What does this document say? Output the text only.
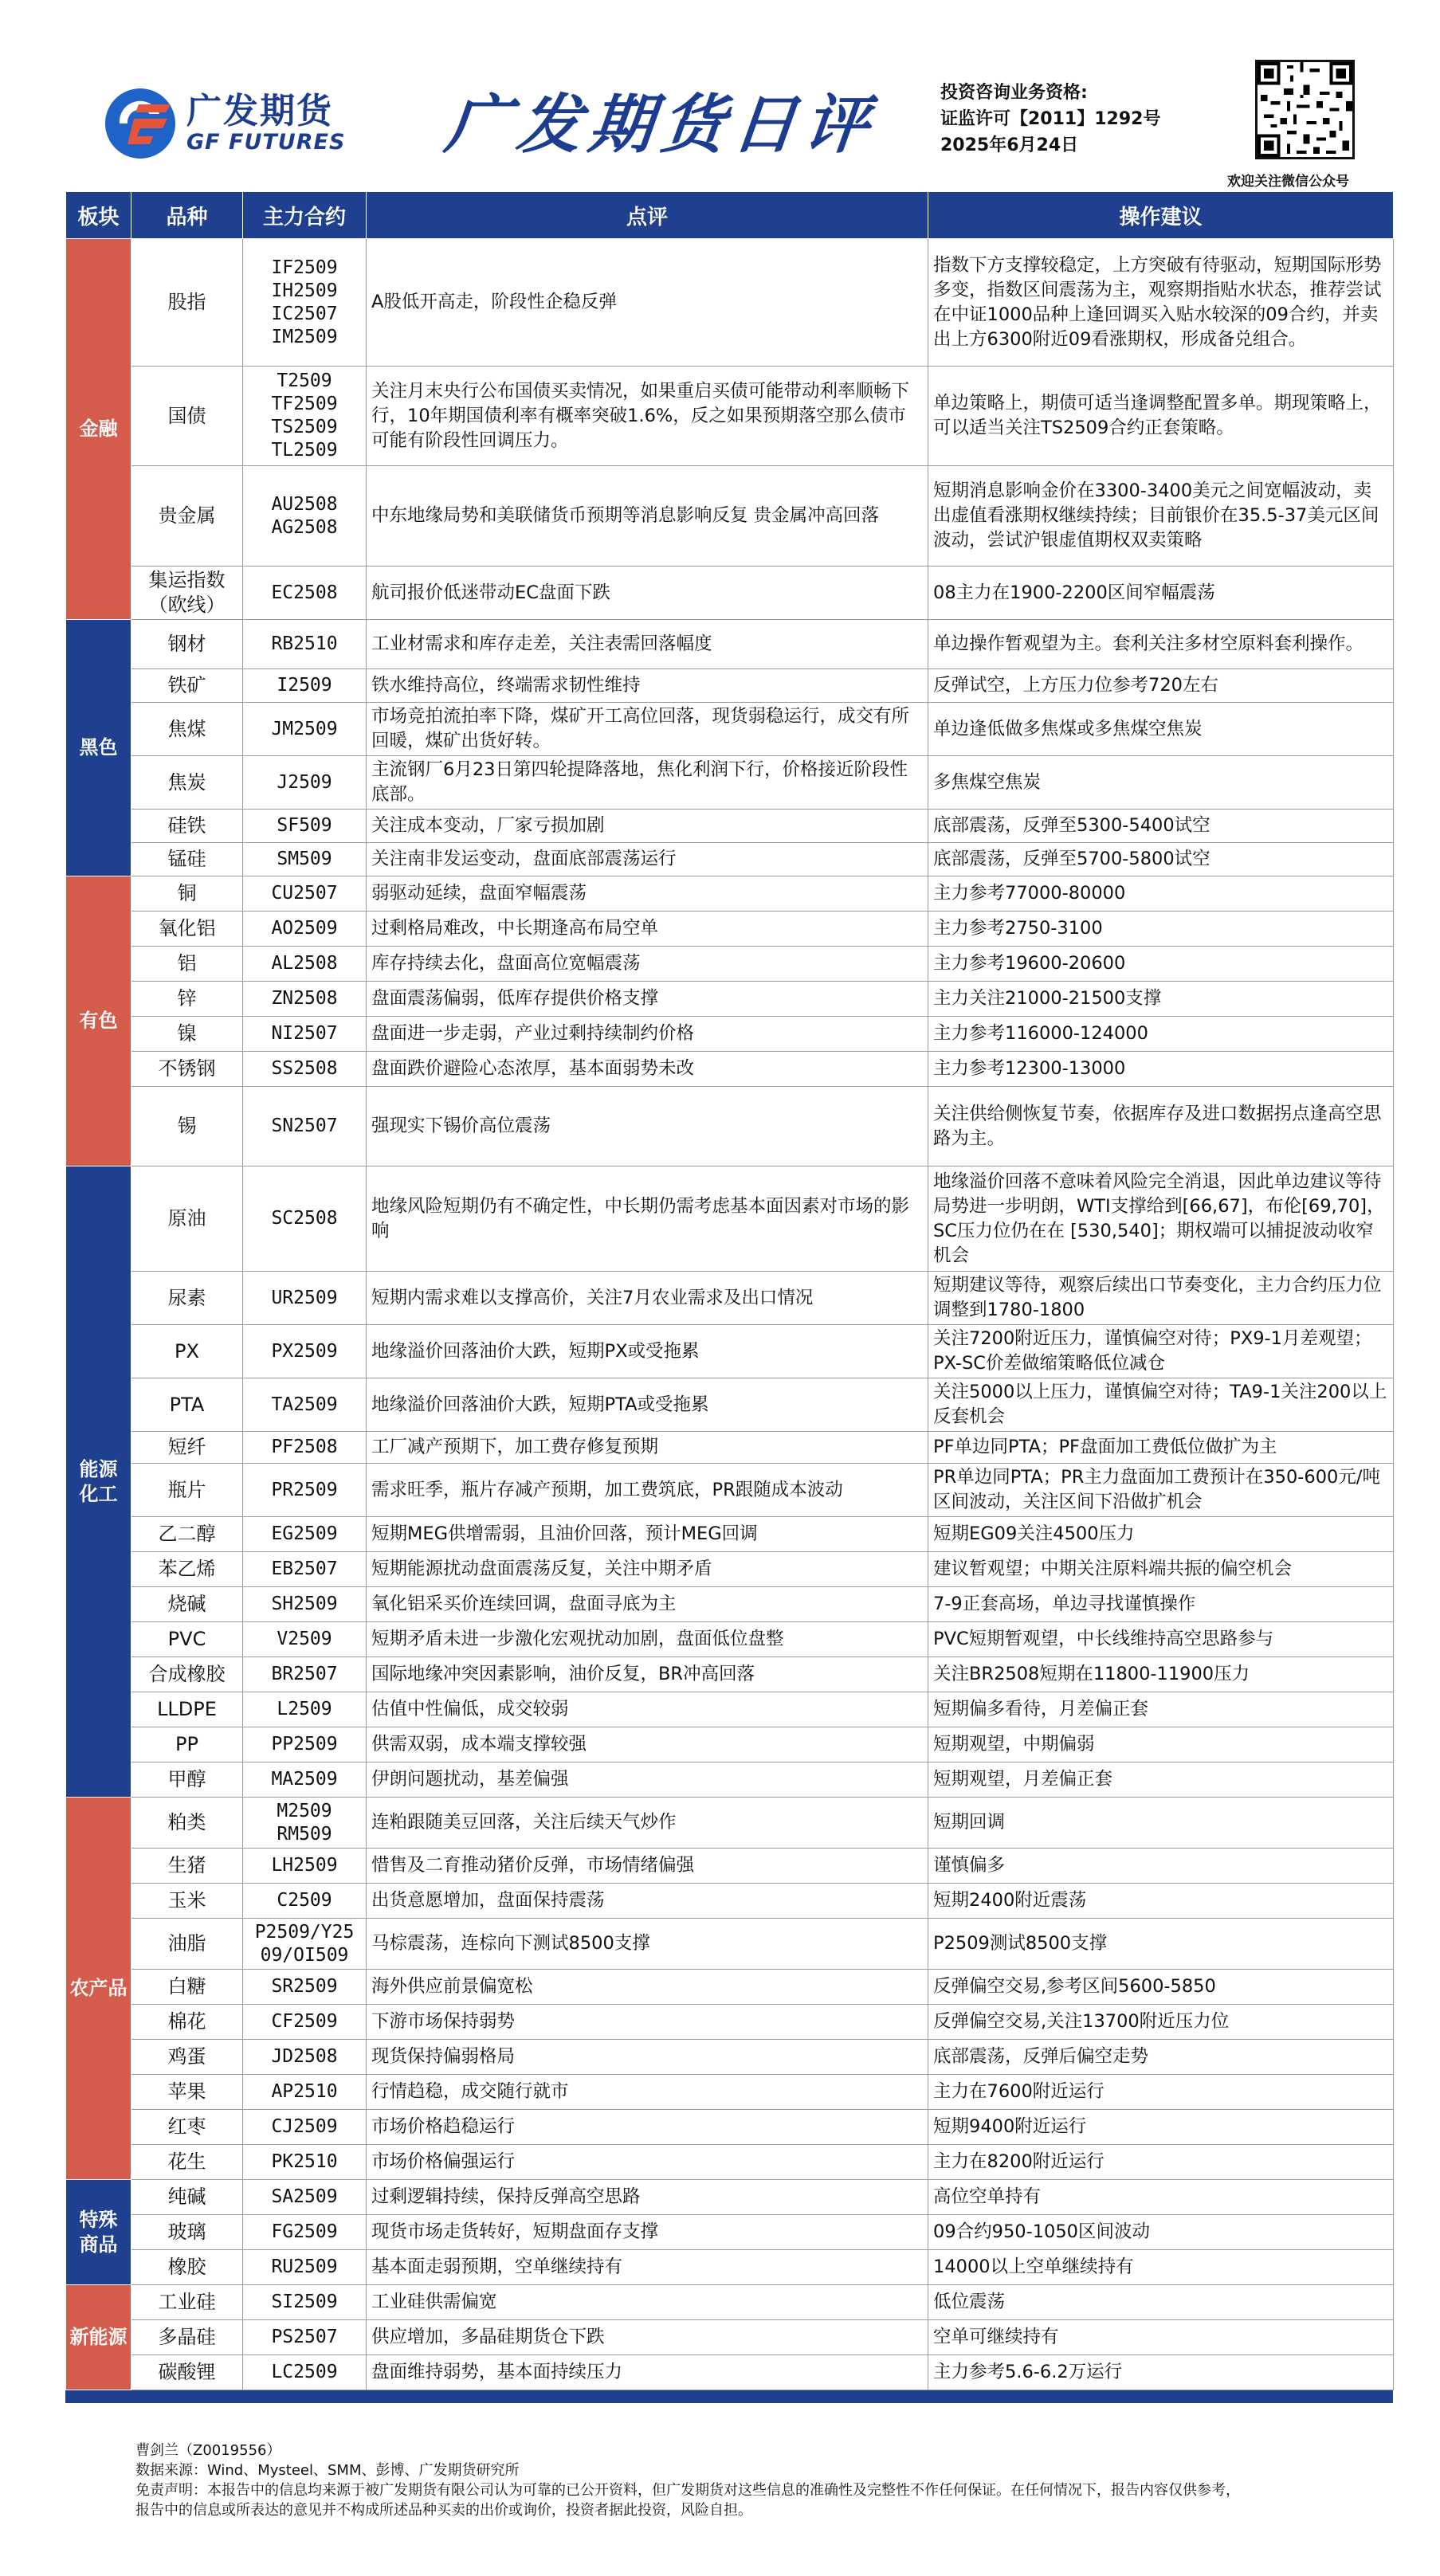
广发期货
GF FUTURES 广发期货日评	投资咨询业务资格:
证监许可【2011】1292号
2025年6月24日
欢迎关注微信公众号
板块	品种	主力合约	点评	操作建议
金融	股指	IF2509
IH2509
IC2507
IM2509	A股低开高走，阶段性企稳反弹	指数下方支撑较稳定，上方突破有待驱动，短期国际形势多变，指数区间震荡为主，观察期指贴水状态，推荐尝试在中证1000品种上逢回调买入贴水较深的09合约，并卖出上方6300附近09看涨期权，形成备兑组合。
	国债	T2509
TF2509
TS2509
TL2509	关注月末央行公布国债买卖情况，如果重启买债可能带动利率顺畅下行，10年期国债利率有概率突破1.6%，反之如果预期落空那么债市可能有阶段性回调压力。	单边策略上，期债可适当逢调整配置多单。期现策略上，可以适当关注TS2509合约正套策略。
	贵金属	AU2508
AG2508	中东地缘局势和美联储货币预期等消息影响反复 贵金属冲高回落	短期消息影响金价在3300-3400美元之间宽幅波动，卖出虚值看涨期权继续持续；目前银价在35.5-37美元区间波动，尝试沪银虚值期权双卖策略
	集运指数
（欧线）	EC2508	航司报价低迷带动EC盘面下跌	08主力在1900-2200区间窄幅震荡
黑色	钢材	RB2510	工业材需求和库存走差，关注表需回落幅度	单边操作暂观望为主。套利关注多材空原料套利操作。
	铁矿	I2509	铁水维持高位，终端需求韧性维持	反弹试空，上方压力位参考720左右
	焦煤	JM2509	市场竞拍流拍率下降，煤矿开工高位回落，现货弱稳运行，成交有所回暖，煤矿出货好转。	单边逢低做多焦煤或多焦煤空焦炭
	焦炭	J2509	主流钢厂6月23日第四轮提降落地，焦化利润下行，价格接近阶段性底部。	多焦煤空焦炭
	硅铁	SF509	关注成本变动，厂家亏损加剧	底部震荡，反弹至5300-5400试空
	锰硅	SM509	关注南非发运变动，盘面底部震荡运行	底部震荡，反弹至5700-5800试空
有色	铜	CU2507	弱驱动延续，盘面窄幅震荡	主力参考77000-80000
	氧化铝	AO2509	过剩格局难改，中长期逢高布局空单	主力参考2750-3100
	铝	AL2508	库存持续去化，盘面高位宽幅震荡	主力参考19600-20600
	锌	ZN2508	盘面震荡偏弱，低库存提供价格支撑	主力关注21000-21500支撑
	镍	NI2507	盘面进一步走弱，产业过剩持续制约价格	主力参考116000-124000
	不锈钢	SS2508	盘面跌价避险心态浓厚，基本面弱势未改	主力参考12300-13000
	锡	SN2507	强现实下锡价高位震荡	关注供给侧恢复节奏，依据库存及进口数据拐点逢高空思路为主。
能源
化工	原油	SC2508	地缘风险短期仍有不确定性，中长期仍需考虑基本面因素对市场的影响	地缘溢价回落不意味着风险完全消退，因此单边建议等待局势进一步明朗，WTI支撑给到[66,67]，布伦[69,70]，SC压力位仍在在 [530,540]；期权端可以捕捉波动收窄机会
	尿素	UR2509	短期内需求难以支撑高价，关注7月农业需求及出口情况	短期建议等待，观察后续出口节奏变化，主力合约压力位调整到1780-1800
	PX	PX2509	地缘溢价回落油价大跌，短期PX或受拖累	关注7200附近压力，谨慎偏空对待；PX9-1月差观望；PX-SC价差做缩策略低位减仓
	PTA	TA2509	地缘溢价回落油价大跌，短期PTA或受拖累	关注5000以上压力，谨慎偏空对待；TA9-1关注200以上反套机会
	短纤	PF2508	工厂减产预期下，加工费存修复预期	PF单边同PTA；PF盘面加工费低位做扩为主
	瓶片	PR2509	需求旺季，瓶片存减产预期，加工费筑底，PR跟随成本波动	PR单边同PTA；PR主力盘面加工费预计在350-600元/吨区间波动，关注区间下沿做扩机会
	乙二醇	EG2509	短期MEG供增需弱，且油价回落，预计MEG回调	短期EG09关注4500压力
	苯乙烯	EB2507	短期能源扰动盘面震荡反复，关注中期矛盾	建议暂观望；中期关注原料端共振的偏空机会
	烧碱	SH2509	氧化铝采买价连续回调，盘面寻底为主	7-9正套高场，单边寻找谨慎操作
	PVC	V2509	短期矛盾未进一步激化宏观扰动加剧，盘面低位盘整	PVC短期暂观望，中长线维持高空思路参与
	合成橡胶	BR2507	国际地缘冲突因素影响，油价反复，BR冲高回落	关注BR2508短期在11800-11900压力
	LLDPE	L2509	估值中性偏低，成交较弱	短期偏多看待，月差偏正套
	PP	PP2509	供需双弱，成本端支撑较强	短期观望，中期偏弱
	甲醇	MA2509	伊朗问题扰动，基差偏强	短期观望，月差偏正套
农产品	粕类	M2509
RM509	连粕跟随美豆回落，关注后续天气炒作	短期回调
	生猪	LH2509	惜售及二育推动猪价反弹，市场情绪偏强	谨慎偏多
	玉米	C2509	出货意愿增加，盘面保持震荡	短期2400附近震荡
	油脂	P2509/Y25
09/OI509	马棕震荡，连棕向下测试8500支撑	P2509测试8500支撑
	白糖	SR2509	海外供应前景偏宽松	反弹偏空交易,参考区间5600-5850
	棉花	CF2509	下游市场保持弱势	反弹偏空交易,关注13700附近压力位
	鸡蛋	JD2508	现货保持偏弱格局	底部震荡，反弹后偏空走势
	苹果	AP2510	行情趋稳，成交随行就市	主力在7600附近运行
	红枣	CJ2509	市场价格趋稳运行	短期9400附近运行
	花生	PK2510	市场价格偏强运行	主力在8200附近运行
特殊
商品	纯碱	SA2509	过剩逻辑持续，保持反弹高空思路	高位空单持有
	玻璃	FG2509	现货市场走货转好，短期盘面存支撑	09合约950-1050区间波动
	橡胶	RU2509	基本面走弱预期，空单继续持有	14000以上空单继续持有
新能源	工业硅	SI2509	工业硅供需偏宽	低位震荡
	多晶硅	PS2507	供应增加，多晶硅期货仓下跌	空单可继续持有
	碳酸锂	LC2509	盘面维持弱势，基本面持续压力	主力参考5.6-6.2万运行
曹剑兰（Z0019556）
数据来源：Wind、Mysteel、SMM、彭博、广发期货研究所
免责声明：本报告中的信息均来源于被广发期货有限公司认为可靠的已公开资料，但广发期货对这些信息的准确性及完整性不作任何保证。在任何情况下，报告内容仅供参考，
报告中的信息或所表达的意见并不构成所述品种买卖的出价或询价，投资者据此投资，风险自担。
